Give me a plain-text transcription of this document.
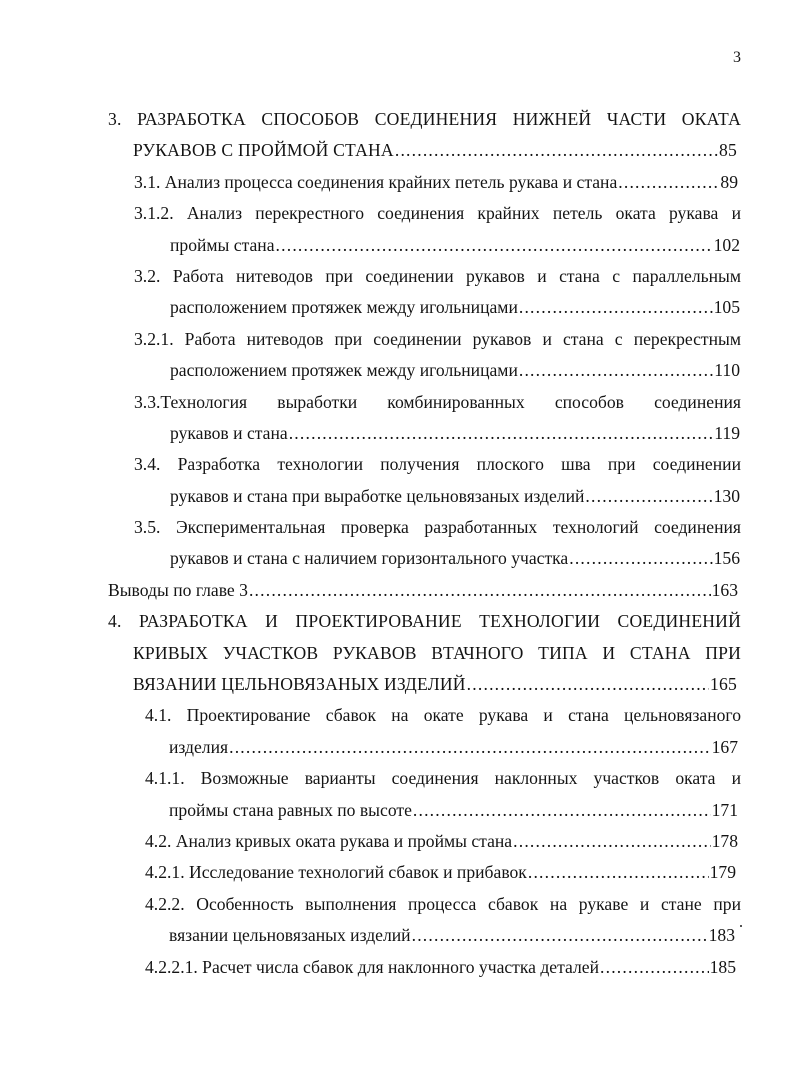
3
3. РАЗРАБОТКА СПОСОБОВ СОЕДИНЕНИЯ НИЖНЕЙ ЧАСТИ ОКАТА
РУКАВОВ С ПРОЙМОЙ СТАНА .....	85
3.1. Анализ процесса соединения крайних петель рукава и стана .....	89
3.1.2. Анализ перекрестного соединения крайних петель оката рукава и
проймы стана .....	102
3.2. Работа нитеводов при соединении рукавов и стана с параллельным
расположением протяжек между игольницами .....	105
3.2.1. Работа нитеводов при соединении рукавов и стана с перекрестным
расположением протяжек между игольницами .....	110
3.3.Технология выработки комбинированных способов соединения
рукавов и стана .....	119
3.4. Разработка технологии получения плоского шва при соединении
рукавов и стана при выработке цельновязаных изделий .....	130
3.5. Экспериментальная проверка разработанных технологий соединения
рукавов и стана с наличием горизонтального участка .....	156
Выводы по главе 3 .....	163
4. РАЗРАБОТКА И ПРОЕКТИРОВАНИЕ ТЕХНОЛОГИИ СОЕДИНЕНИЙ
КРИВЫХ УЧАСТКОВ РУКАВОВ ВТАЧНОГО ТИПА И СТАНА ПРИ
ВЯЗАНИИ ЦЕЛЬНОВЯЗАНЫХ ИЗДЕЛИЙ .....	165
4.1. Проектирование сбавок на окате рукава и стана цельновязаного
изделия .....	167
4.1.1. Возможные варианты соединения наклонных участков оката и
проймы стана равных по высоте .....	171
4.2. Анализ кривых оката рукава и проймы стана .....	178
4.2.1. Исследование технологий сбавок и прибавок .....	179
4.2.2. Особенность выполнения процесса сбавок на рукаве и стане при
вязании цельновязаных изделий .....	183
4.2.2.1. Расчет числа сбавок для наклонного участка деталей .....	185
